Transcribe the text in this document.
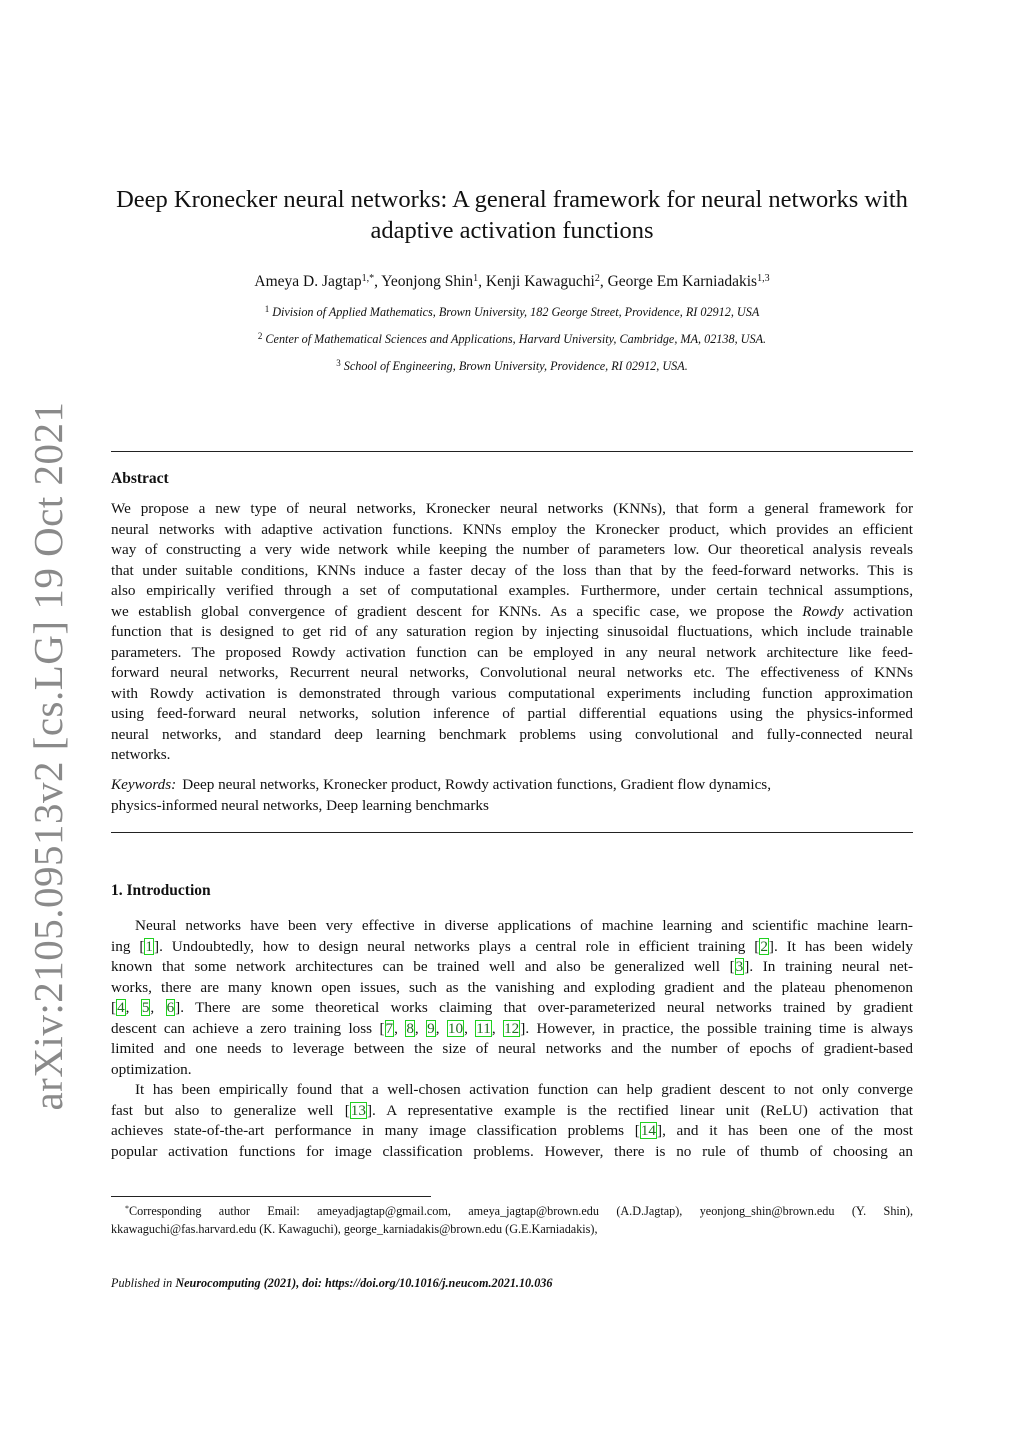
arXiv:2105.09513v2 [cs.LG] 19 Oct 2021
Deep Kronecker neural networks: A general framework for neural networks with
adaptive activation functions
Ameya D. Jagtap$^{1,*}$, Yeonjong Shin$^1$, Kenji Kawaguchi$^2$, George Em Karniadakis$^{1,3}$
$^1$ Division of Applied Mathematics, Brown University, 182 George Street, Providence, RI 02912, USA
$^2$ Center of Mathematical Sciences and Applications, Harvard University, Cambridge, MA, 02138, USA.
$^3$ School of Engineering, Brown University, Providence, RI 02912, USA.
Abstract
We propose a new type of neural networks, Kronecker neural networks (KNNs), that form a general framework for
neural networks with adaptive activation functions. KNNs employ the Kronecker product, which provides an efficient
way of constructing a very wide network while keeping the number of parameters low. Our theoretical analysis reveals
that under suitable conditions, KNNs induce a faster decay of the loss than that by the feed-forward networks. This is
also empirically verified through a set of computational examples. Furthermore, under certain technical assumptions,
we establish global convergence of gradient descent for KNNs. As a specific case, we propose the Rowdy activation
function that is designed to get rid of any saturation region by injecting sinusoidal fluctuations, which include trainable
parameters. The proposed Rowdy activation function can be employed in any neural network architecture like feed-
forward neural networks, Recurrent neural networks, Convolutional neural networks etc. The effectiveness of KNNs
with Rowdy activation is demonstrated through various computational experiments including function approximation
using feed-forward neural networks, solution inference of partial differential equations using the physics-informed
neural networks, and standard deep learning benchmark problems using convolutional and fully-connected neural
networks.
Keywords: Deep neural networks, Kronecker product, Rowdy activation functions, Gradient flow dynamics,
physics-informed neural networks, Deep learning benchmarks
1. Introduction
Neural networks have been very effective in diverse applications of machine learning and scientific machine learn-
ing [1]. Undoubtedly, how to design neural networks plays a central role in efficient training [2]. It has been widely
known that some network architectures can be trained well and also be generalized well [3]. In training neural net-
works, there are many known open issues, such as the vanishing and exploding gradient and the plateau phenomenon
[4, 5, 6]. There are some theoretical works claiming that over-parameterized neural networks trained by gradient
descent can achieve a zero training loss [7, 8, 9, 10, 11, 12]. However, in practice, the possible training time is always
limited and one needs to leverage between the size of neural networks and the number of epochs of gradient-based
optimization.
It has been empirically found that a well-chosen activation function can help gradient descent to not only converge
fast but also to generalize well [13]. A representative example is the rectified linear unit (ReLU) activation that
achieves state-of-the-art performance in many image classification problems [14], and it has been one of the most
popular activation functions for image classification problems. However, there is no rule of thumb of choosing an
*Corresponding author Email: ameyadjagtap@gmail.com, ameya_jagtap@brown.edu (A.D.Jagtap), yeonjong_shin@brown.edu (Y. Shin),
kkawaguchi@fas.harvard.edu (K. Kawaguchi), george_karniadakis@brown.edu (G.E.Karniadakis),
Published in Neurocomputing (2021), doi: https://doi.org/10.1016/j.neucom.2021.10.036
